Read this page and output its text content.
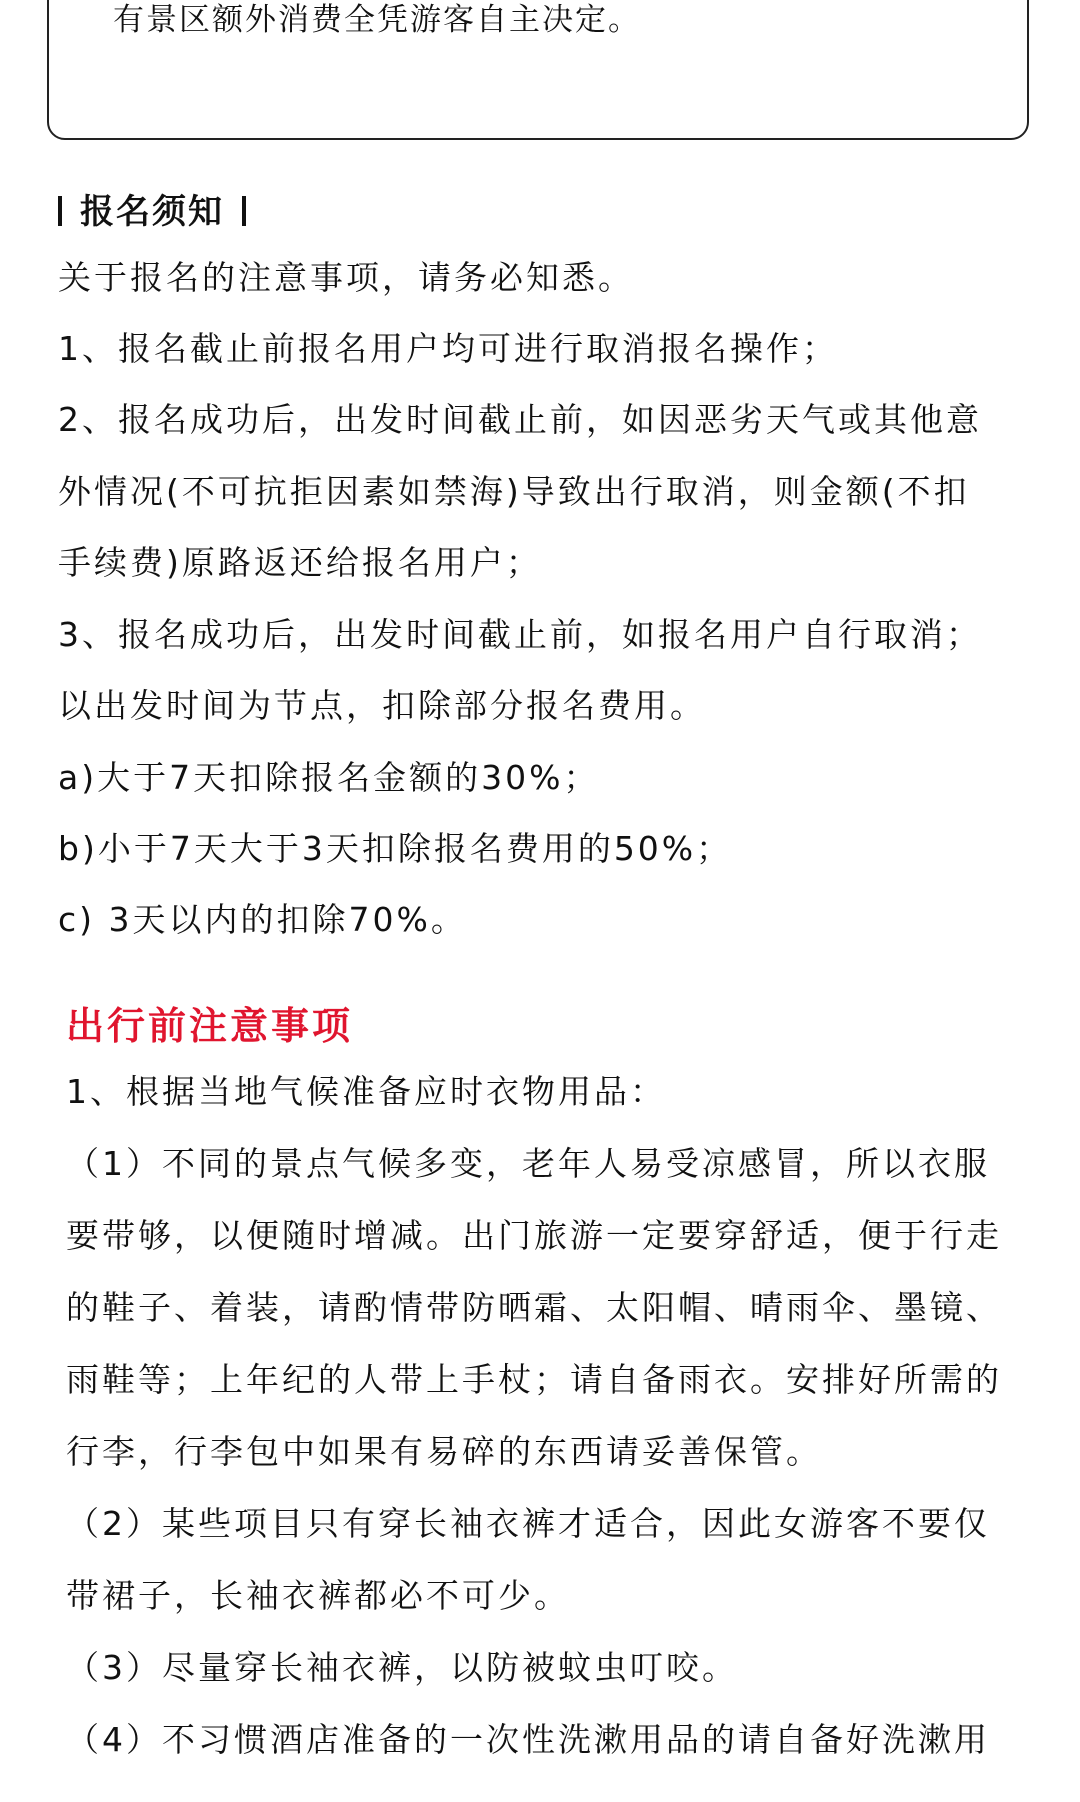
有景区额外消费全凭游客自主决定。
报名须知
关于报名的注意事项，请务必知悉。
1、报名截止前报名用户均可进行取消报名操作；
2、报名成功后，出发时间截止前，如因恶劣天气或其他意
外情况(不可抗拒因素如禁海)导致出行取消，则金额(不扣
手续费)原路返还给报名用户；
3、报名成功后，出发时间截止前，如报名用户自行取消；
以出发时间为节点，扣除部分报名费用。
a)大于7天扣除报名金额的30%；
b)小于7天大于3天扣除报名费用的50%；
c) 3天以内的扣除70%。
出行前注意事项
1、根据当地气候准备应时衣物用品：
（1）不同的景点气候多变，老年人易受凉感冒，所以衣服
要带够，以便随时增减。出门旅游一定要穿舒适，便于行走
的鞋子、着装，请酌情带防晒霜、太阳帽、晴雨伞、墨镜、
雨鞋等；上年纪的人带上手杖；请自备雨衣。安排好所需的
行李，行李包中如果有易碎的东西请妥善保管。
（2）某些项目只有穿长袖衣裤才适合，因此女游客不要仅
带裙子，长袖衣裤都必不可少。
（3）尽量穿长袖衣裤，以防被蚊虫叮咬。
（4）不习惯酒店准备的一次性洗漱用品的请自备好洗漱用
